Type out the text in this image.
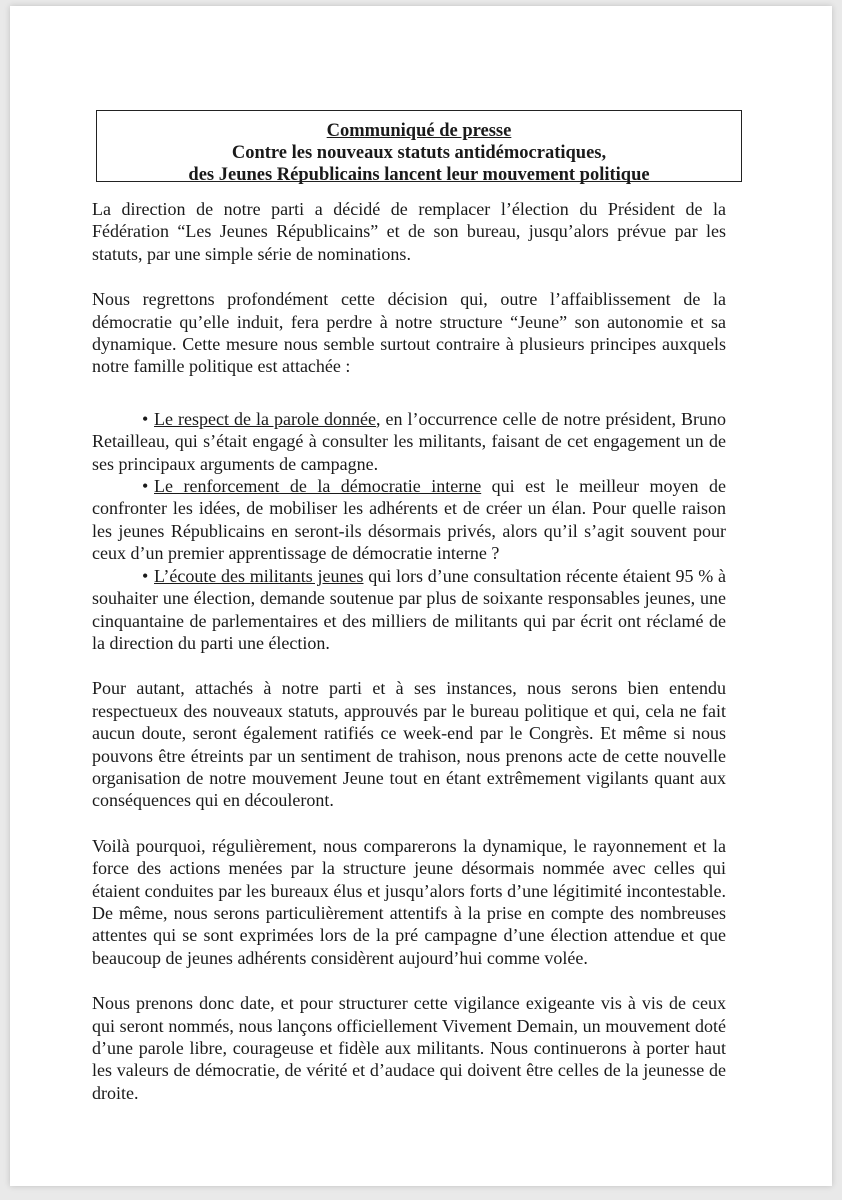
Communiqué de presse
Contre les nouveaux statuts antidémocratiques,
des Jeunes Républicains lancent leur mouvement politique

La direction de notre parti a décidé de remplacer l’élection du Président de la Fédération “Les Jeunes Républicains” et de son bureau, jusqu’alors prévue par les statuts, par une simple série de nominations.

Nous regrettons profondément cette décision qui, outre l’affaiblissement de la démocratie qu’elle induit, fera perdre à notre structure “Jeune” son autonomie et sa dynamique. Cette mesure nous semble surtout contraire à plusieurs principes auxquels notre famille politique est attachée :

• Le respect de la parole donnée, en l’occurrence celle de notre président, Bruno Retailleau, qui s’était engagé à consulter les militants, faisant de cet engagement un de ses principaux arguments de campagne.
• Le renforcement de la démocratie interne qui est le meilleur moyen de confronter les idées, de mobiliser les adhérents et de créer un élan. Pour quelle raison les jeunes Républicains en seront-ils désormais privés, alors qu’il s’agit souvent pour ceux d’un premier apprentissage de démocratie interne ?
• L’écoute des militants jeunes qui lors d’une consultation récente étaient 95 % à souhaiter une élection, demande soutenue par plus de soixante responsables jeunes, une cinquantaine de parlementaires et des milliers de militants qui par écrit ont réclamé de la direction du parti une élection.

Pour autant, attachés à notre parti et à ses instances, nous serons bien entendu respectueux des nouveaux statuts, approuvés par le bureau politique et qui, cela ne fait aucun doute, seront également ratifiés ce week-end par le Congrès. Et même si nous pouvons être étreints par un sentiment de trahison, nous prenons acte de cette nouvelle organisation de notre mouvement Jeune tout en étant extrêmement vigilants quant aux conséquences qui en découleront.

Voilà pourquoi, régulièrement, nous comparerons la dynamique, le rayonnement et la force des actions menées par la structure jeune désormais nommée avec celles qui étaient conduites par les bureaux élus et jusqu’alors forts d’une légitimité incontestable. De même, nous serons particulièrement attentifs à la prise en compte des nombreuses attentes qui se sont exprimées lors de la pré campagne d’une élection attendue et que beaucoup de jeunes adhérents considèrent aujourd’hui comme volée.

Nous prenons donc date, et pour structurer cette vigilance exigeante vis à vis de ceux qui seront nommés, nous lançons officiellement Vivement Demain, un mouvement doté d’une parole libre, courageuse et fidèle aux militants. Nous continuerons à porter haut les valeurs de démocratie, de vérité et d’audace qui doivent être celles de la jeunesse de droite.
